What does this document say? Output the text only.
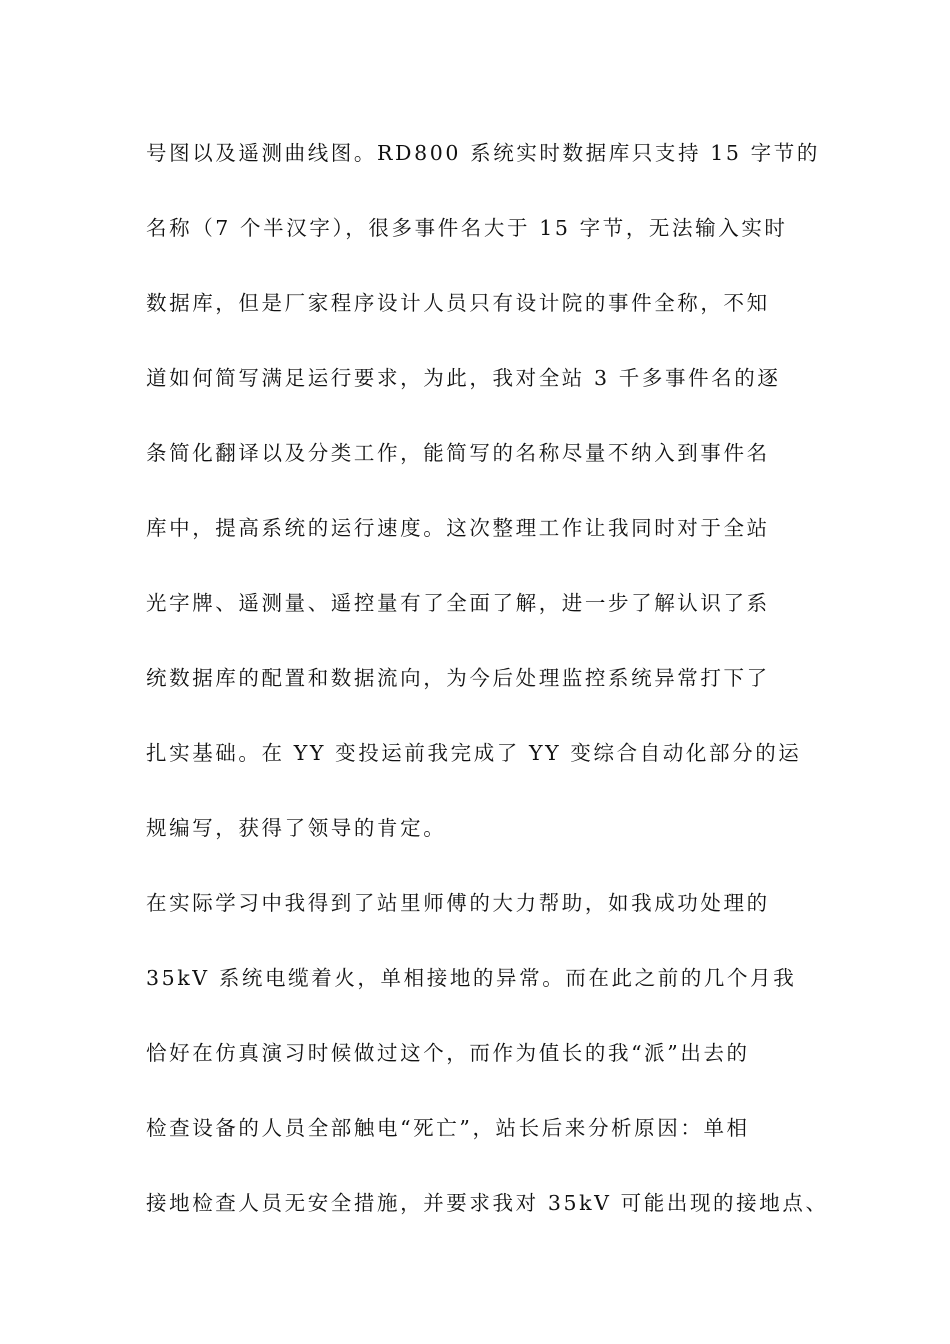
号图以及遥测曲线图。RD800 系统实时数据库只支持 15 字节的
名称（7 个半汉字），很多事件名大于 15 字节，无法输入实时
数据库，但是厂家程序设计人员只有设计院的事件全称，不知
道如何简写满足运行要求，为此，我对全站 3 千多事件名的逐
条简化翻译以及分类工作，能简写的名称尽量不纳入到事件名
库中，提高系统的运行速度。这次整理工作让我同时对于全站
光字牌、遥测量、遥控量有了全面了解，进一步了解认识了系
统数据库的配置和数据流向，为今后处理监控系统异常打下了
扎实基础。在 YY 变投运前我完成了 YY 变综合自动化部分的运
规编写，获得了领导的肯定。
在实际学习中我得到了站里师傅的大力帮助，如我成功处理的
35kV 系统电缆着火，单相接地的异常。而在此之前的几个月我
恰好在仿真演习时候做过这个，而作为值长的我“派”出去的
检查设备的人员全部触电“死亡”，站长后来分析原因：单相
接地检查人员无安全措施，并要求我对 35kV 可能出现的接地点、
